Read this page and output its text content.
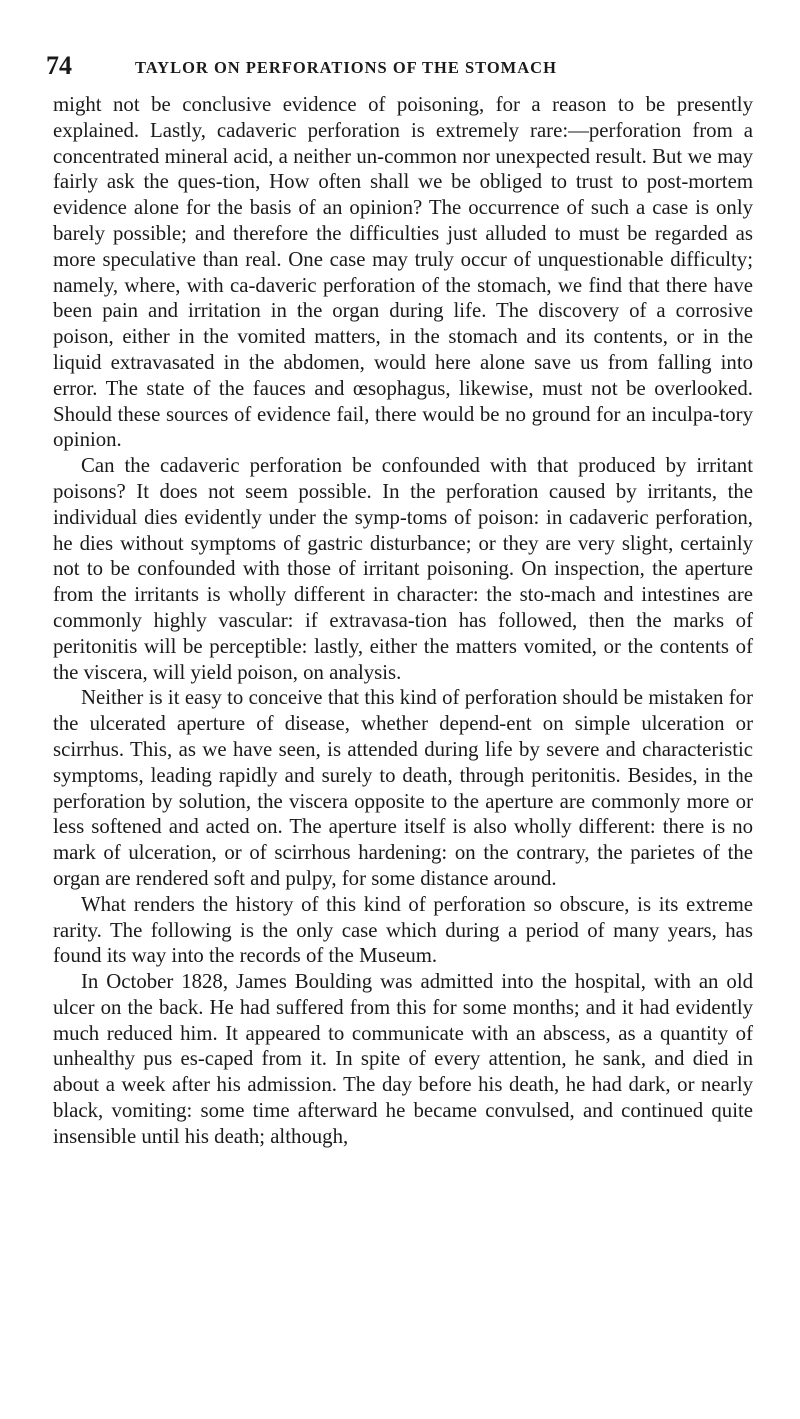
74	TAYLOR ON PERFORATIONS OF THE STOMACH

might not be conclusive evidence of poisoning, for a reason to be presently explained. Lastly, cadaveric perforation is extremely rare:—perforation from a concentrated mineral acid, a neither un-common nor unexpected result. But we may fairly ask the ques-tion, How often shall we be obliged to trust to post-mortem evidence alone for the basis of an opinion? The occurrence of such a case is only barely possible; and therefore the difficulties just alluded to must be regarded as more speculative than real. One case may truly occur of unquestionable difficulty; namely, where, with ca-daveric perforation of the stomach, we find that there have been pain and irritation in the organ during life. The discovery of a corrosive poison, either in the vomited matters, in the stomach and its contents, or in the liquid extravasated in the abdomen, would here alone save us from falling into error. The state of the fauces and œsophagus, likewise, must not be overlooked. Should these sources of evidence fail, there would be no ground for an inculpa-tory opinion.

Can the cadaveric perforation be confounded with that produced by irritant poisons? It does not seem possible. In the perforation caused by irritants, the individual dies evidently under the symp-toms of poison: in cadaveric perforation, he dies without symptoms of gastric disturbance; or they are very slight, certainly not to be confounded with those of irritant poisoning. On inspection, the aperture from the irritants is wholly different in character: the sto-mach and intestines are commonly highly vascular: if extravasa-tion has followed, then the marks of peritonitis will be perceptible: lastly, either the matters vomited, or the contents of the viscera, will yield poison, on analysis.

Neither is it easy to conceive that this kind of perforation should be mistaken for the ulcerated aperture of disease, whether depend-ent on simple ulceration or scirrhus. This, as we have seen, is attended during life by severe and characteristic symptoms, leading rapidly and surely to death, through peritonitis. Besides, in the perforation by solution, the viscera opposite to the aperture are commonly more or less softened and acted on. The aperture itself is also wholly different: there is no mark of ulceration, or of scirrhous hardening: on the contrary, the parietes of the organ are rendered soft and pulpy, for some distance around.

What renders the history of this kind of perforation so obscure, is its extreme rarity. The following is the only case which during a period of many years, has found its way into the records of the Museum.

In October 1828, James Boulding was admitted into the hospital, with an old ulcer on the back. He had suffered from this for some months; and it had evidently much reduced him. It appeared to communicate with an abscess, as a quantity of unhealthy pus es-caped from it. In spite of every attention, he sank, and died in about a week after his admission. The day before his death, he had dark, or nearly black, vomiting: some time afterward he became convulsed, and continued quite insensible until his death; although,
